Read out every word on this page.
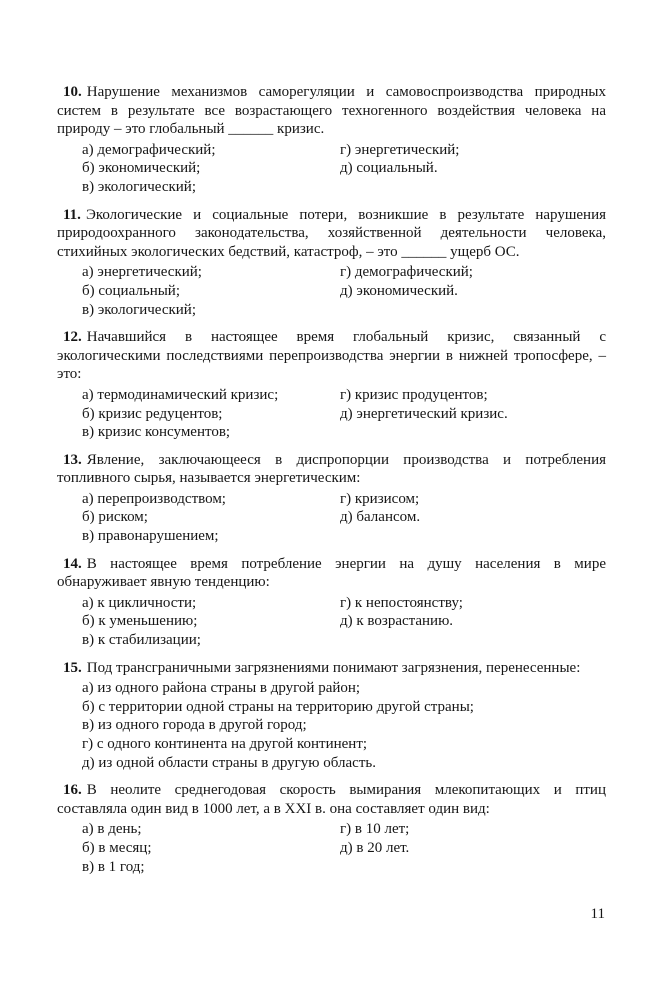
10. Нарушение механизмов саморегуляции и самовоспроизводства природных систем в результате все возрастающего техногенного воздействия человека на природу – это глобальный ______ кризис.

а) демографический;
б) экономический;
в) экологический;
г) энергетический;
д) социальный.

11. Экологические и социальные потери, возникшие в результате нарушения природоохранного законодательства, хозяйственной деятельности человека, стихийных экологических бедствий, катастроф, – это ______ ущерб ОС.

а) энергетический;
б) социальный;
в) экологический;
г) демографический;
д) экономический.

12. Начавшийся в настоящее время глобальный кризис, связанный с экологическими последствиями перепроизводства энергии в нижней тропосфере, – это:

а) термодинамический кризис;
б) кризис редуцентов;
в) кризис консументов;
г) кризис продуцентов;
д) энергетический кризис.

13. Явление, заключающееся в диспропорции производства и потребления топливного сырья, называется энергетическим:

а) перепроизводством;
б) риском;
в) правонарушением;
г) кризисом;
д) балансом.

14. В настоящее время потребление энергии на душу населения в мире обнаруживает явную тенденцию:

а) к цикличности;
б) к уменьшению;
в) к стабилизации;
г) к непостоянству;
д) к возрастанию.

15. Под трансграничными загрязнениями понимают загрязнения, перенесенные:

а) из одного района страны в другой район;
б) с территории одной страны на территорию другой страны;
в) из одного города в другой город;
г) с одного континента на другой континент;
д) из одной области страны в другую область.

16. В неолите среднегодовая скорость вымирания млекопитающих и птиц составляла один вид в 1000 лет, а в XXI в. она составляет один вид:

а) в день;
б) в месяц;
в) в 1 год;
г) в 10 лет;
д) в 20 лет.
11
